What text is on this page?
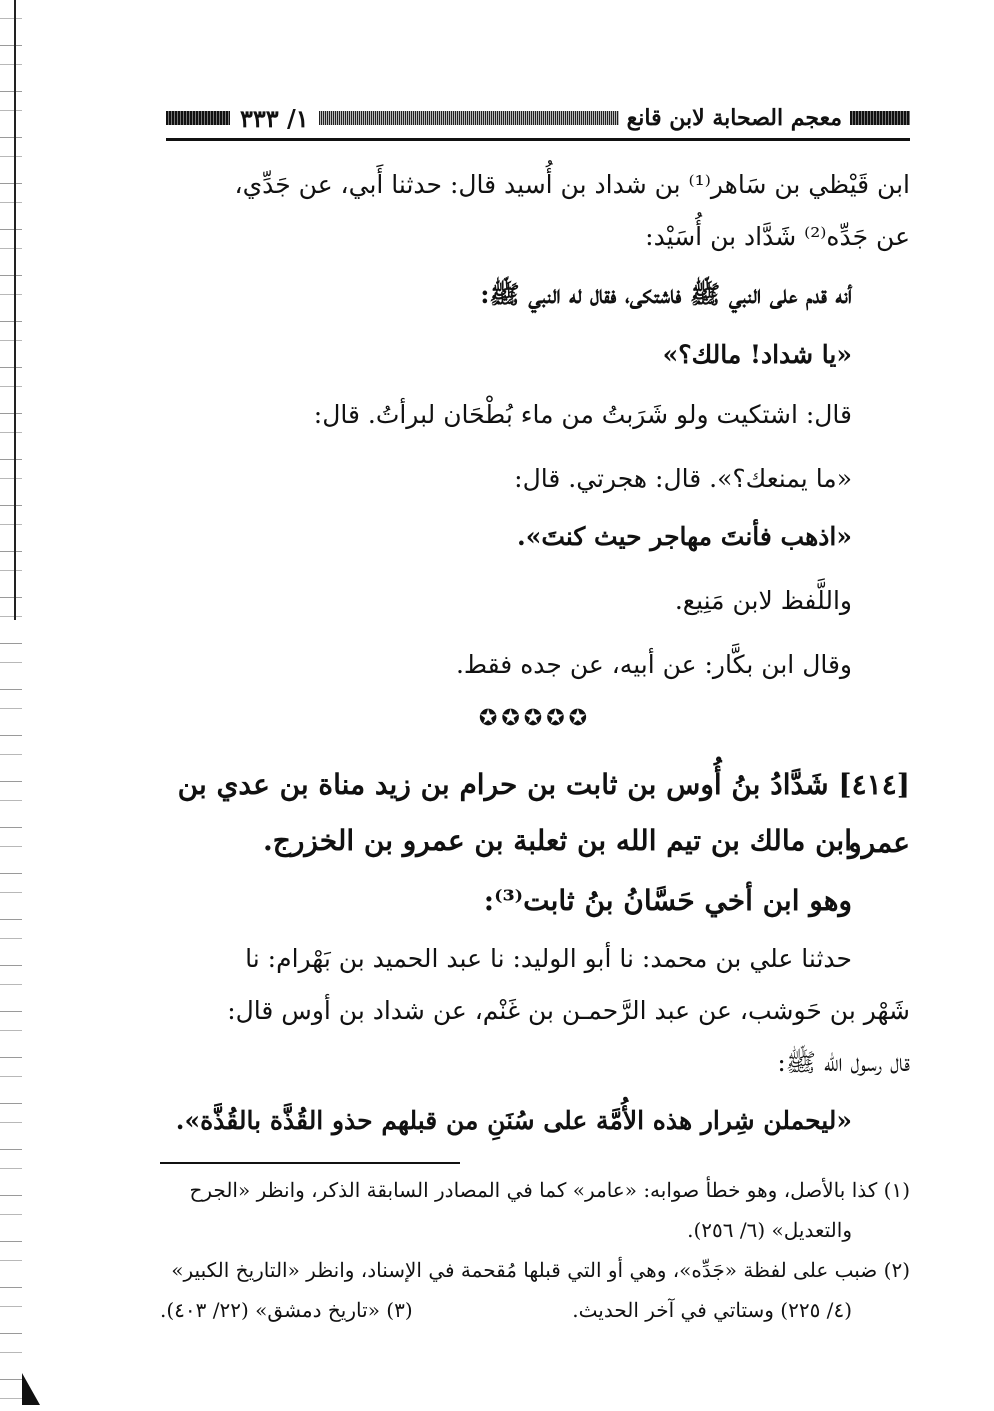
معجم الصحابة لابن قانع
١/ ٣٣٣
ابن قَيْظي بن سَاهر⁽¹⁾ بن شداد بن أُسيد قال: حدثنا أَبي، عن جَدِّي،
عن جَدِّه⁽²⁾ شَدَّاد بن أُسَيْد:
أنه قدم على النبي ﷺ فاشتكى، فقال له النبي ﷺ:
«يا شداد! مالك؟»
قال: اشتكيت ولو شَرَبتُ من ماء بُطْحَان لبرأتُ. قال:
«ما يمنعك؟». قال: هجرتي. قال:
«اذهب فأنتَ مهاجر حيث كنتَ».
واللَّفظ لابن مَنِيع.
وقال ابن بكَّار: عن أبيه، عن جده فقط.
✪✪✪✪✪
[٤١٤] شَدَّادُ بنُ أُوس بن ثابت بن حرام بن زيد مناة بن عدي بن عمرو
ابن مالك بن تيم الله بن ثعلبة بن عمرو بن الخزرج.
وهو ابن أخي حَسَّانُ بنُ ثابت⁽³⁾:
حدثنا علي بن محمد: نا أبو الوليد: نا عبد الحميد بن بَهْرام: نا
شَهْر بن حَوشب، عن عبد الرَّحمـن بن غَنْم، عن شداد بن أوس قال:
قال رسول الله ﷺ:
«ليحملن شِرار هذه الأُمَّة على سُنَنِ من قبلهم حذو القُذَّة بالقُذَّة».
(١) كذا بالأصل، وهو خطأ صوابه: «عامر» كما في المصادر السابقة الذكر، وانظر «الجرح
والتعديل» (٦/ ٢٥٦).
(٢) ضبب على لفظة «جَدِّه»، وهي أو التي قبلها مُقحمة في الإسناد، وانظر «التاريخ الكبير»
(٤/ ٢٢٥) وستاتي في آخر الحديث.
(٣) «تاريخ دمشق» (٢٢/ ٤٠٣).
